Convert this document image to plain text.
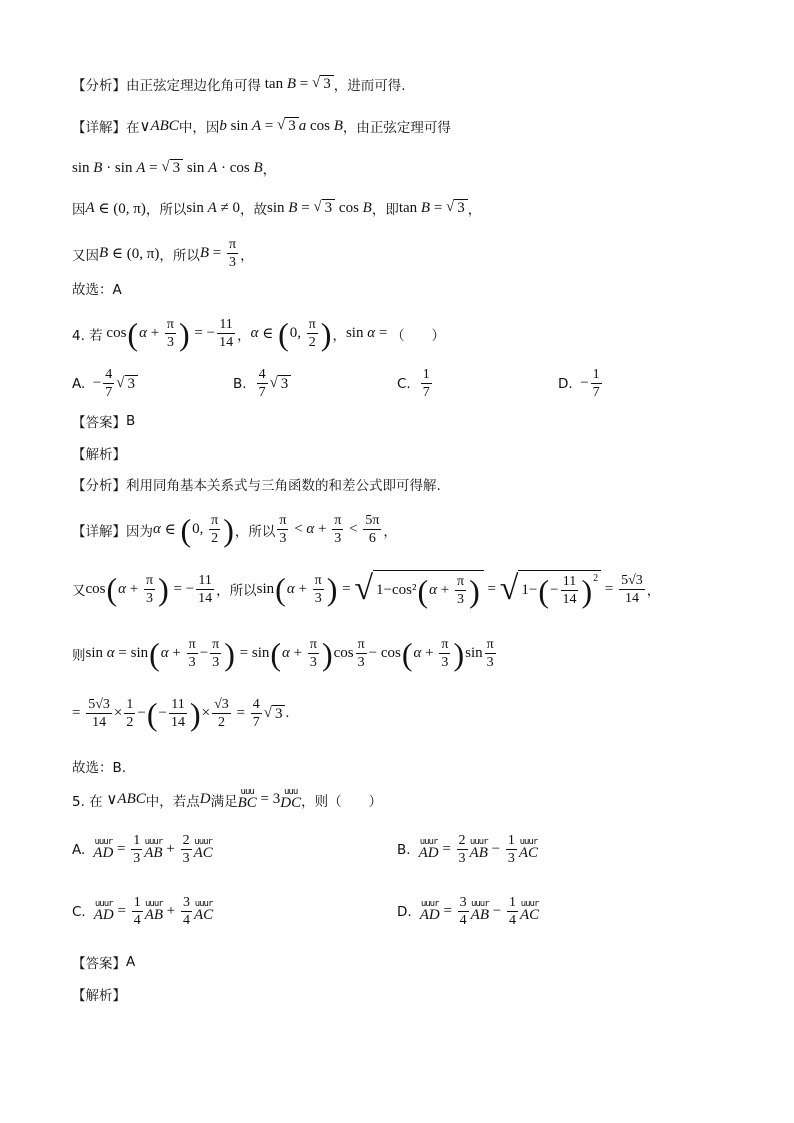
【分析】 由正弦定理边化角可得 tan B = √ 3 ，进而可得.
【详解】 在 ∨ ABC 中，因 b sin A = √ 3 a cos B ，由正弦定理可得
sin B · sin A = √ 3 sin A · cos B ，
因 A ∈ (0, π) ，所以 sin A ≠ 0 ，故 sin B = √ 3 cos B ，即 tan B = √ 3 ，
又因 B ∈ (0, π) ，所以 $B = \frac{\pi}{3}$ ，
故选：A
4. 若 cos ( $\alpha + \frac{\pi}{3}$ ) = − $\frac{11}{14}$ ， α ∈ ( 0, $\frac{\pi}{2}$ ) ， sin α = （　　）
A. − $\frac{4}{7}$ √ 3	B. $\frac{4}{7}$ √ 3	C. $\frac{1}{7}$	D. − $\frac{1}{7}$
【答案】 B
【解析】
【分析】 利用同角基本关系式与三角函数的和差公式即可得解.
【详解】 因为 α ∈ ( 0, $\frac{\pi}{2}$ ) ，所以 $\frac{\pi}{3} < \alpha + \frac{\pi}{3} < \frac{5\pi}{6}$ ，
又 cos ( $\alpha + \frac{\pi}{3}$ ) = − $\frac{11}{14}$ ，所以 sin ( $\alpha + \frac{\pi}{3}$ ) = √ 1−cos² ( $\alpha + \frac{\pi}{3}$ ) = √ 1− ( − $\frac{11}{14}$ ) 2
= $\frac{5√3}{14}$ ，
则 sin α = sin ( $\alpha + \frac{\pi}{3} - \frac{\pi}{3}$ ) = sin ( $\alpha + \frac{\pi}{3}$ ) $\cos \frac{\pi}{3} - \cos$ ( $\alpha + \frac{\pi}{3}$ ) $\sin \frac{\pi}{3}$
= $\frac{5√3}{14} \times \frac{1}{2}$ − ( − $\frac{11}{14}$ ) × $\frac{√3}{2} = \frac{4}{7}$ √ 3 .
故选：B.
5. 在 ∨ ABC 中，若点 D 满足
uuu
BC = 3 uuu
DC ，则（　　）
A. uuur
AD = $\frac{1}{3}$ uuur
AB + $\frac{2}{3}$ uuur
AC	B. uuur
AD = $\frac{2}{3}$ uuur
AB − $\frac{1}{3}$ uuur
AC
C. uuur
AD = $\frac{1}{4}$ uuur
AB + $\frac{3}{4}$ uuur
AC	D. uuur
AD = $\frac{3}{4}$ uuur
AB − $\frac{1}{4}$ uuur
AC
【答案】 A
【解析】
